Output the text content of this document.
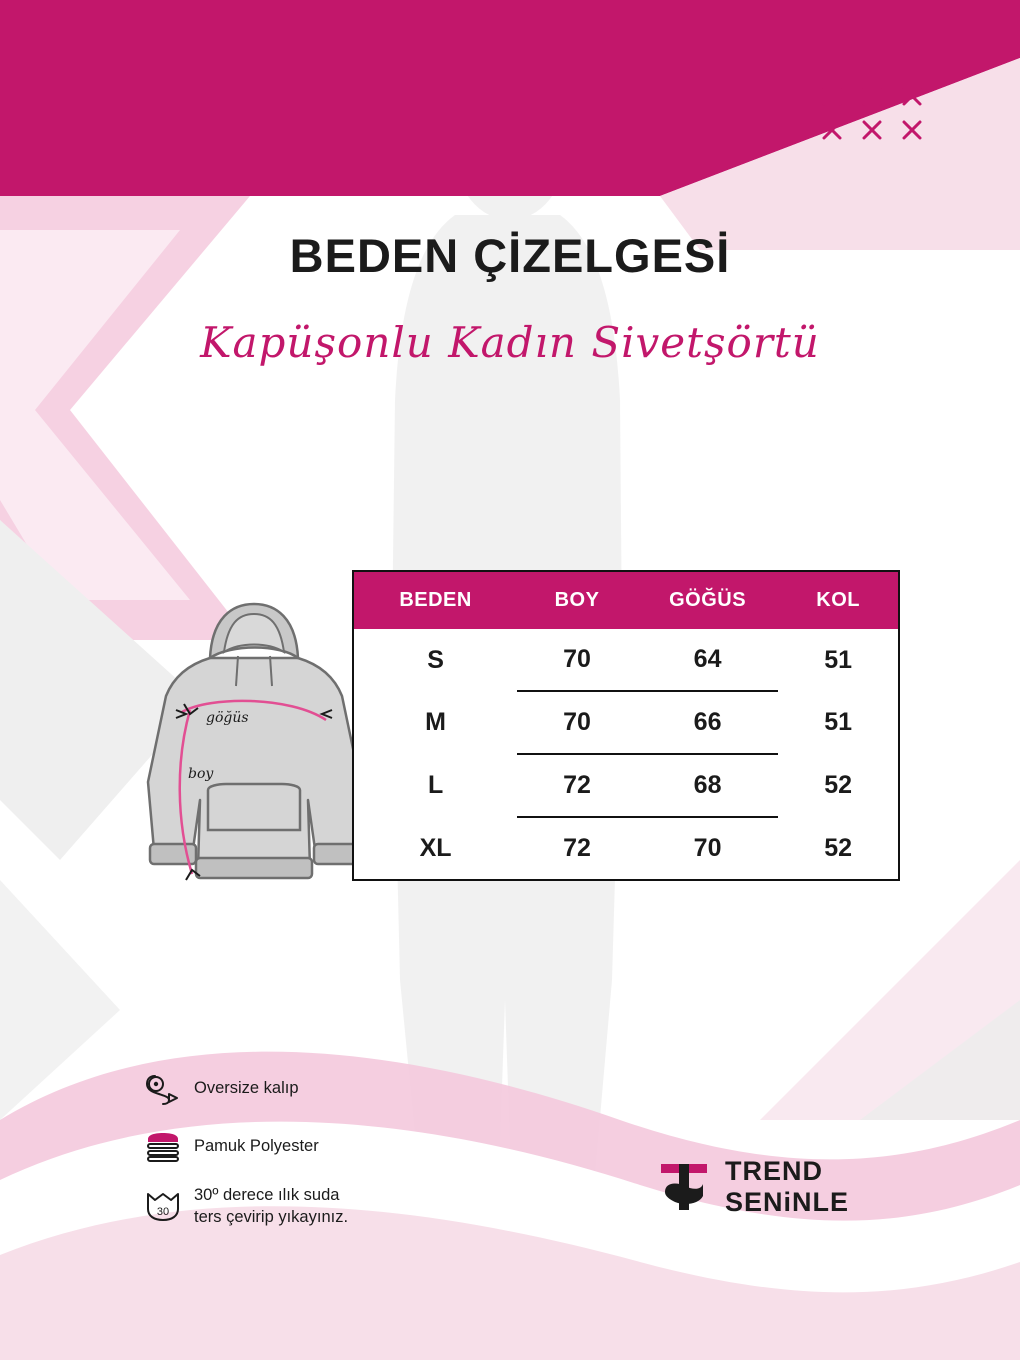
BEDEN ÇİZELGESİ
Kapüşonlu Kadın Sivetşörtü
göğüs
boy
BEDEN	BOY	GÖĞÜS	KOL
S	70	64	51
M	70	66	51
L	72	68	52
XL	72	70	52
Oversize kalıp
Pamuk Polyester
30
30º derece ılık suda
ters çevirip yıkayınız.
TREND
SENiNLE
